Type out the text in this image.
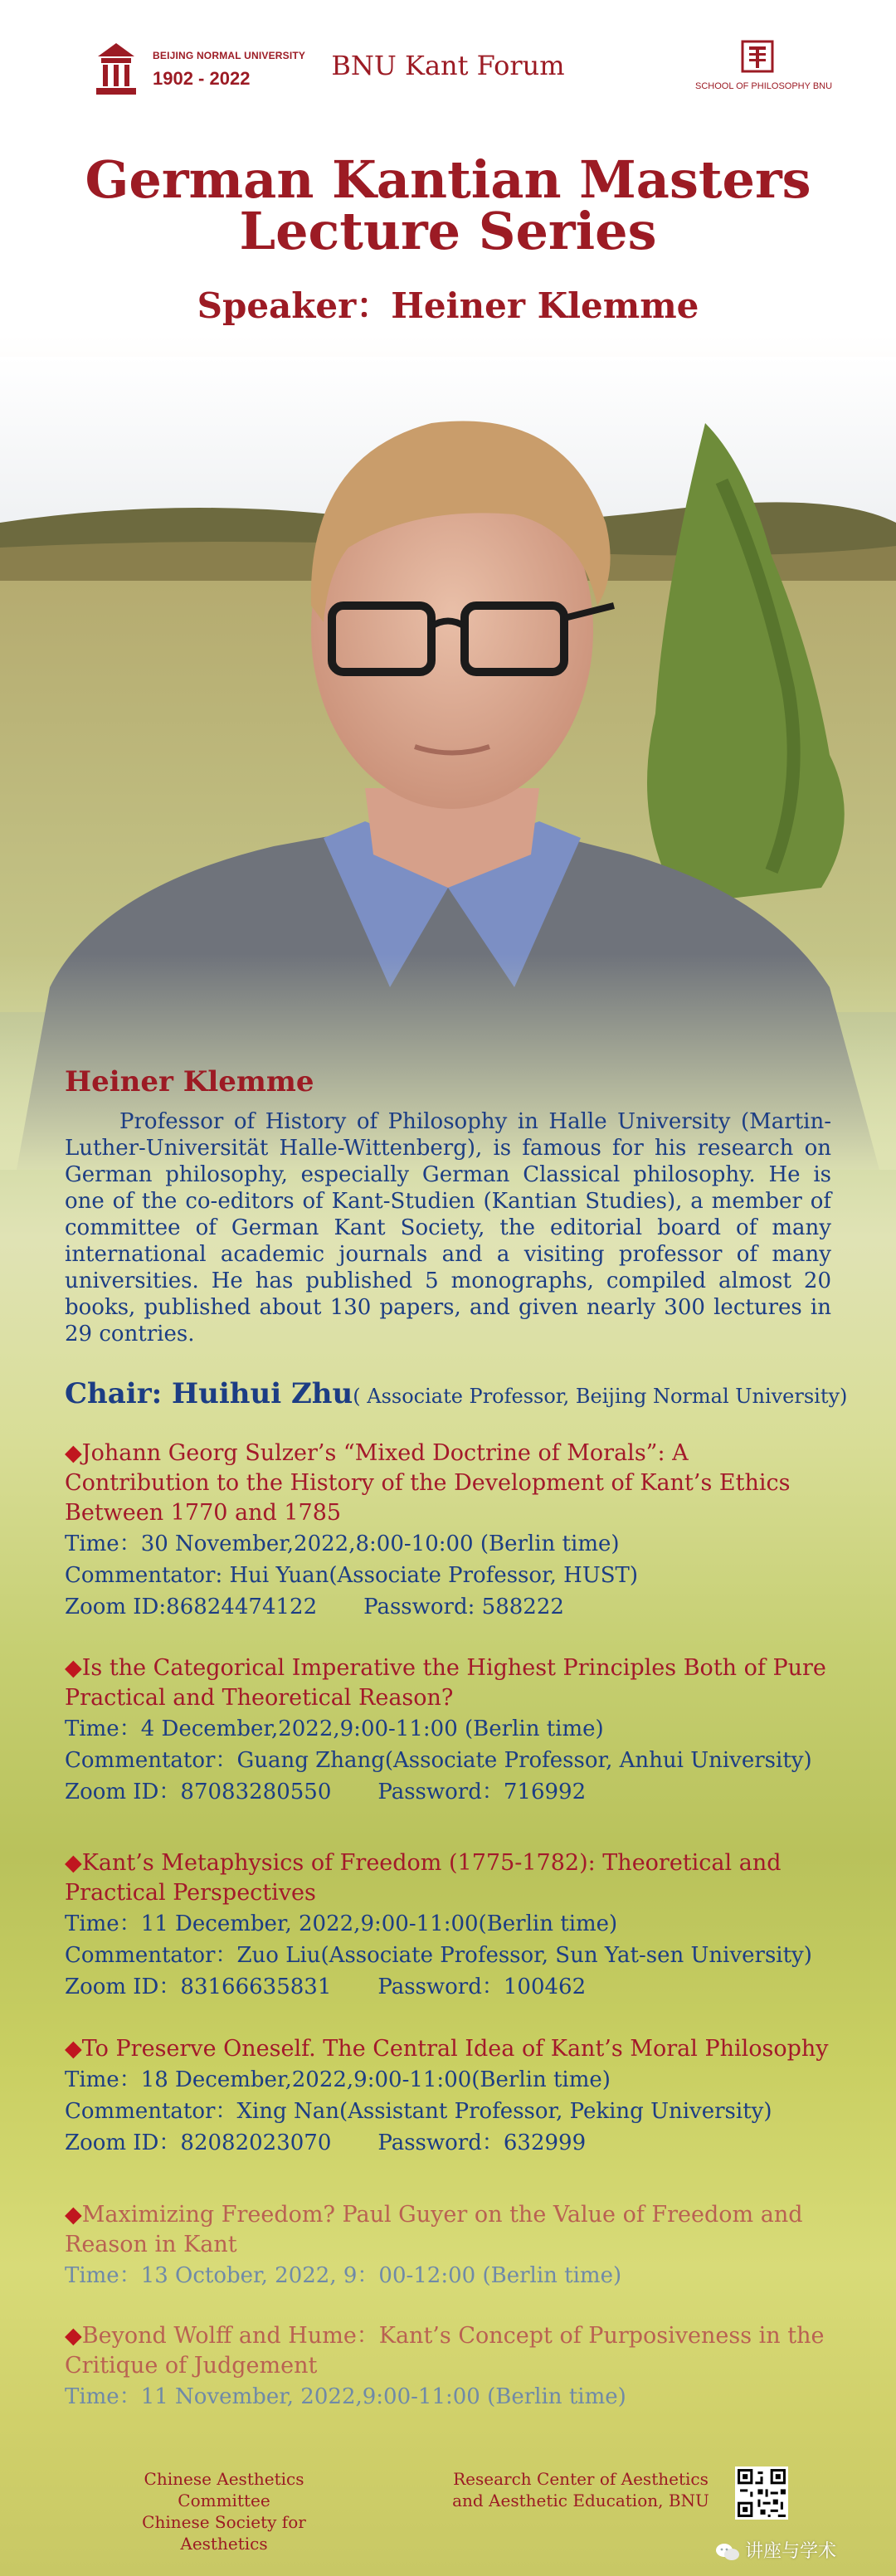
BEIJING NORMAL UNIVERSITY
1902 - 2022	BNU Kant Forum
SCHOOL OF PHILOSOPHY BNU
German Kantian Masters Lecture Series
Speaker：Heiner Klemme
Heiner Klemme
Professor of History of Philosophy in Halle University (Martin-Luther-Universität Halle-Wittenberg), is famous for his research on German philosophy, especially German Classical philosophy. He is one of the co-editors of Kant-Studien (Kantian Studies), a member of committee of German Kant Society, the editorial board of many international academic journals and a visiting professor of many universities. He has published 5 monographs, compiled almost 20 books, published about 130 papers, and given nearly 300 lectures in 29 contries.
Chair: Huihui Zhu( Associate Professor, Beijing Normal University)
◆Johann Georg Sulzer’s “Mixed Doctrine of Morals”: A Contribution to the History of the Development of Kant’s Ethics Between 1770 and 1785
Time：30 November,2022,8:00-10:00 (Berlin time)
Commentator: Hui Yuan(Associate Professor, HUST)
Zoom ID:86824474122 Password: 588222
◆Is the Categorical Imperative the Highest Principles Both of Pure Practical and Theoretical Reason?
Time：4 December,2022,9:00-11:00 (Berlin time)
Commentator：Guang Zhang(Associate Professor, Anhui University)
Zoom ID：87083280550 Password：716992
◆Kant’s Metaphysics of Freedom (1775-1782): Theoretical and Practical Perspectives
Time：11 December, 2022,9:00-11:00(Berlin time)
Commentator：Zuo Liu(Associate Professor, Sun Yat-sen University)
Zoom ID：83166635831 Password：100462
◆To Preserve Oneself. The Central Idea of Kant’s Moral Philosophy
Time：18 December,2022,9:00-11:00(Berlin time)
Commentator：Xing Nan(Assistant Professor, Peking University)
Zoom ID：82082023070 Password：632999
◆Maximizing Freedom? Paul Guyer on the Value of Freedom and Reason in Kant
Time：13 October, 2022, 9：00-12:00 (Berlin time)
◆Beyond Wolff and Hume：Kant’s Concept of Purposiveness in the Critique of Judgement
Time：11 November, 2022,9:00-11:00 (Berlin time)
Chinese Aesthetics Committee
Chinese Society for Aesthetics
Research Center of Aesthetics
and Aesthetic Education, BNU
讲座与学术
